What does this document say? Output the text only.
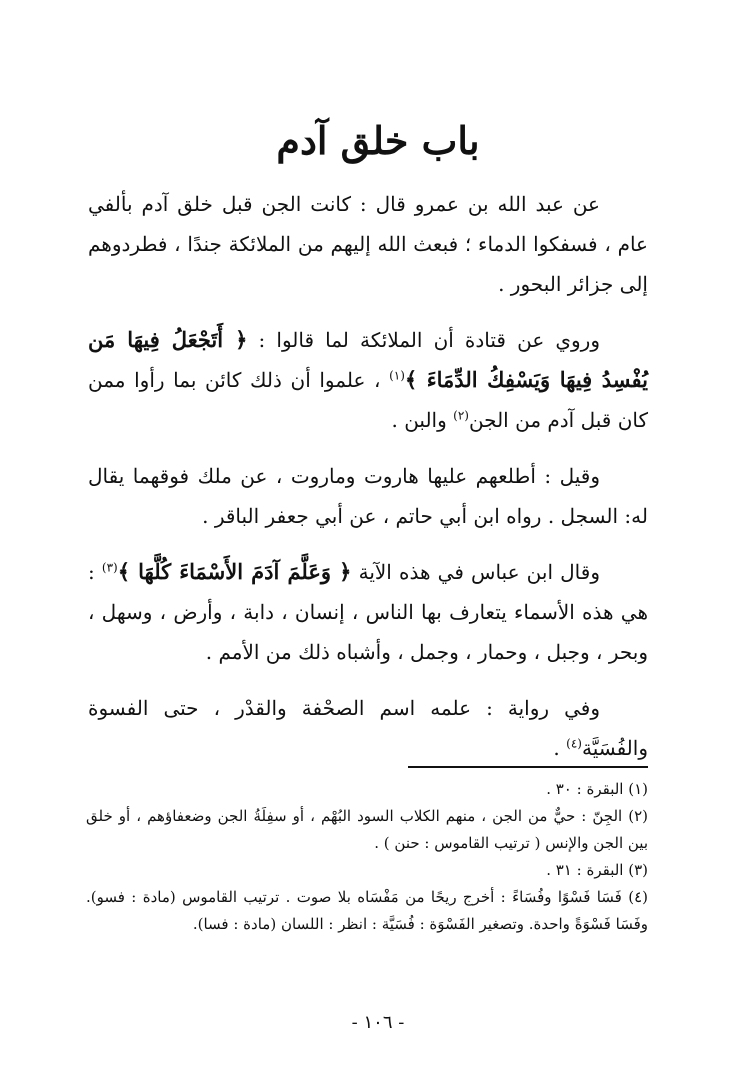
باب خلق آدم

عن عبد الله بن عمرو قال : كانت الجن قبل خلق آدم بألفي عام ، فسفكوا الدماء ؛ فبعث الله إليهم من الملائكة جندًا ، فطردوهم إلى جزائر البحور .

وروي عن قتادة أن الملائكة لما قالوا : ﴿ أَتَجْعَلُ فِيهَا مَن يُفْسِدُ فِيهَا وَيَسْفِكُ الدِّمَاءَ ﴾$^{(١)}$ ، علموا أن ذلك كائن بما رأوا ممن كان قبل آدم من الجن$^{(٢)}$ والبن .

وقيل : أطلعهم عليها هاروت وماروت ، عن ملك فوقهما يقال له: السجل . رواه ابن أبي حاتم ، عن أبي جعفر الباقر .

وقال ابن عباس في هذه الآية ﴿ وَعَلَّمَ آدَمَ الأَسْمَاءَ كُلَّهَا ﴾$^{(٣)}$ : هي هذه الأسماء يتعارف بها الناس ، إنسان ، دابة ، وأرض ، وسهل ، وبحر ، وجبل ، وحمار ، وجمل ، وأشباه ذلك من الأمم .

وفي رواية : علمه اسم الصحْفة والقدْر ، حتى الفسوة والفُسَيَّة$^{(٤)}$ .

(١) البقرة : ٣٠ .

(٢) الجِنّ : حيٌّ من الجن ، منهم الكلاب السود البُهْم ، أو سفِلَةُ الجن وضعفاؤهم ، أو خلق بين الجن والإنس ( ترتيب القاموس : حنن ) .

(٣) البقرة : ٣١ .

(٤) فَسَا فَسْوًا وفُسَاءً : أخرج ريحًا من مَفْسَاه بلا صوت . ترتيب القاموس (مادة : فسو). وفَسَا فَسْوَةً واحدة. وتصغير الفَسْوَة : فُسَيَّة : انظر : اللسان (مادة : فسا).

- ١٠٦ -
